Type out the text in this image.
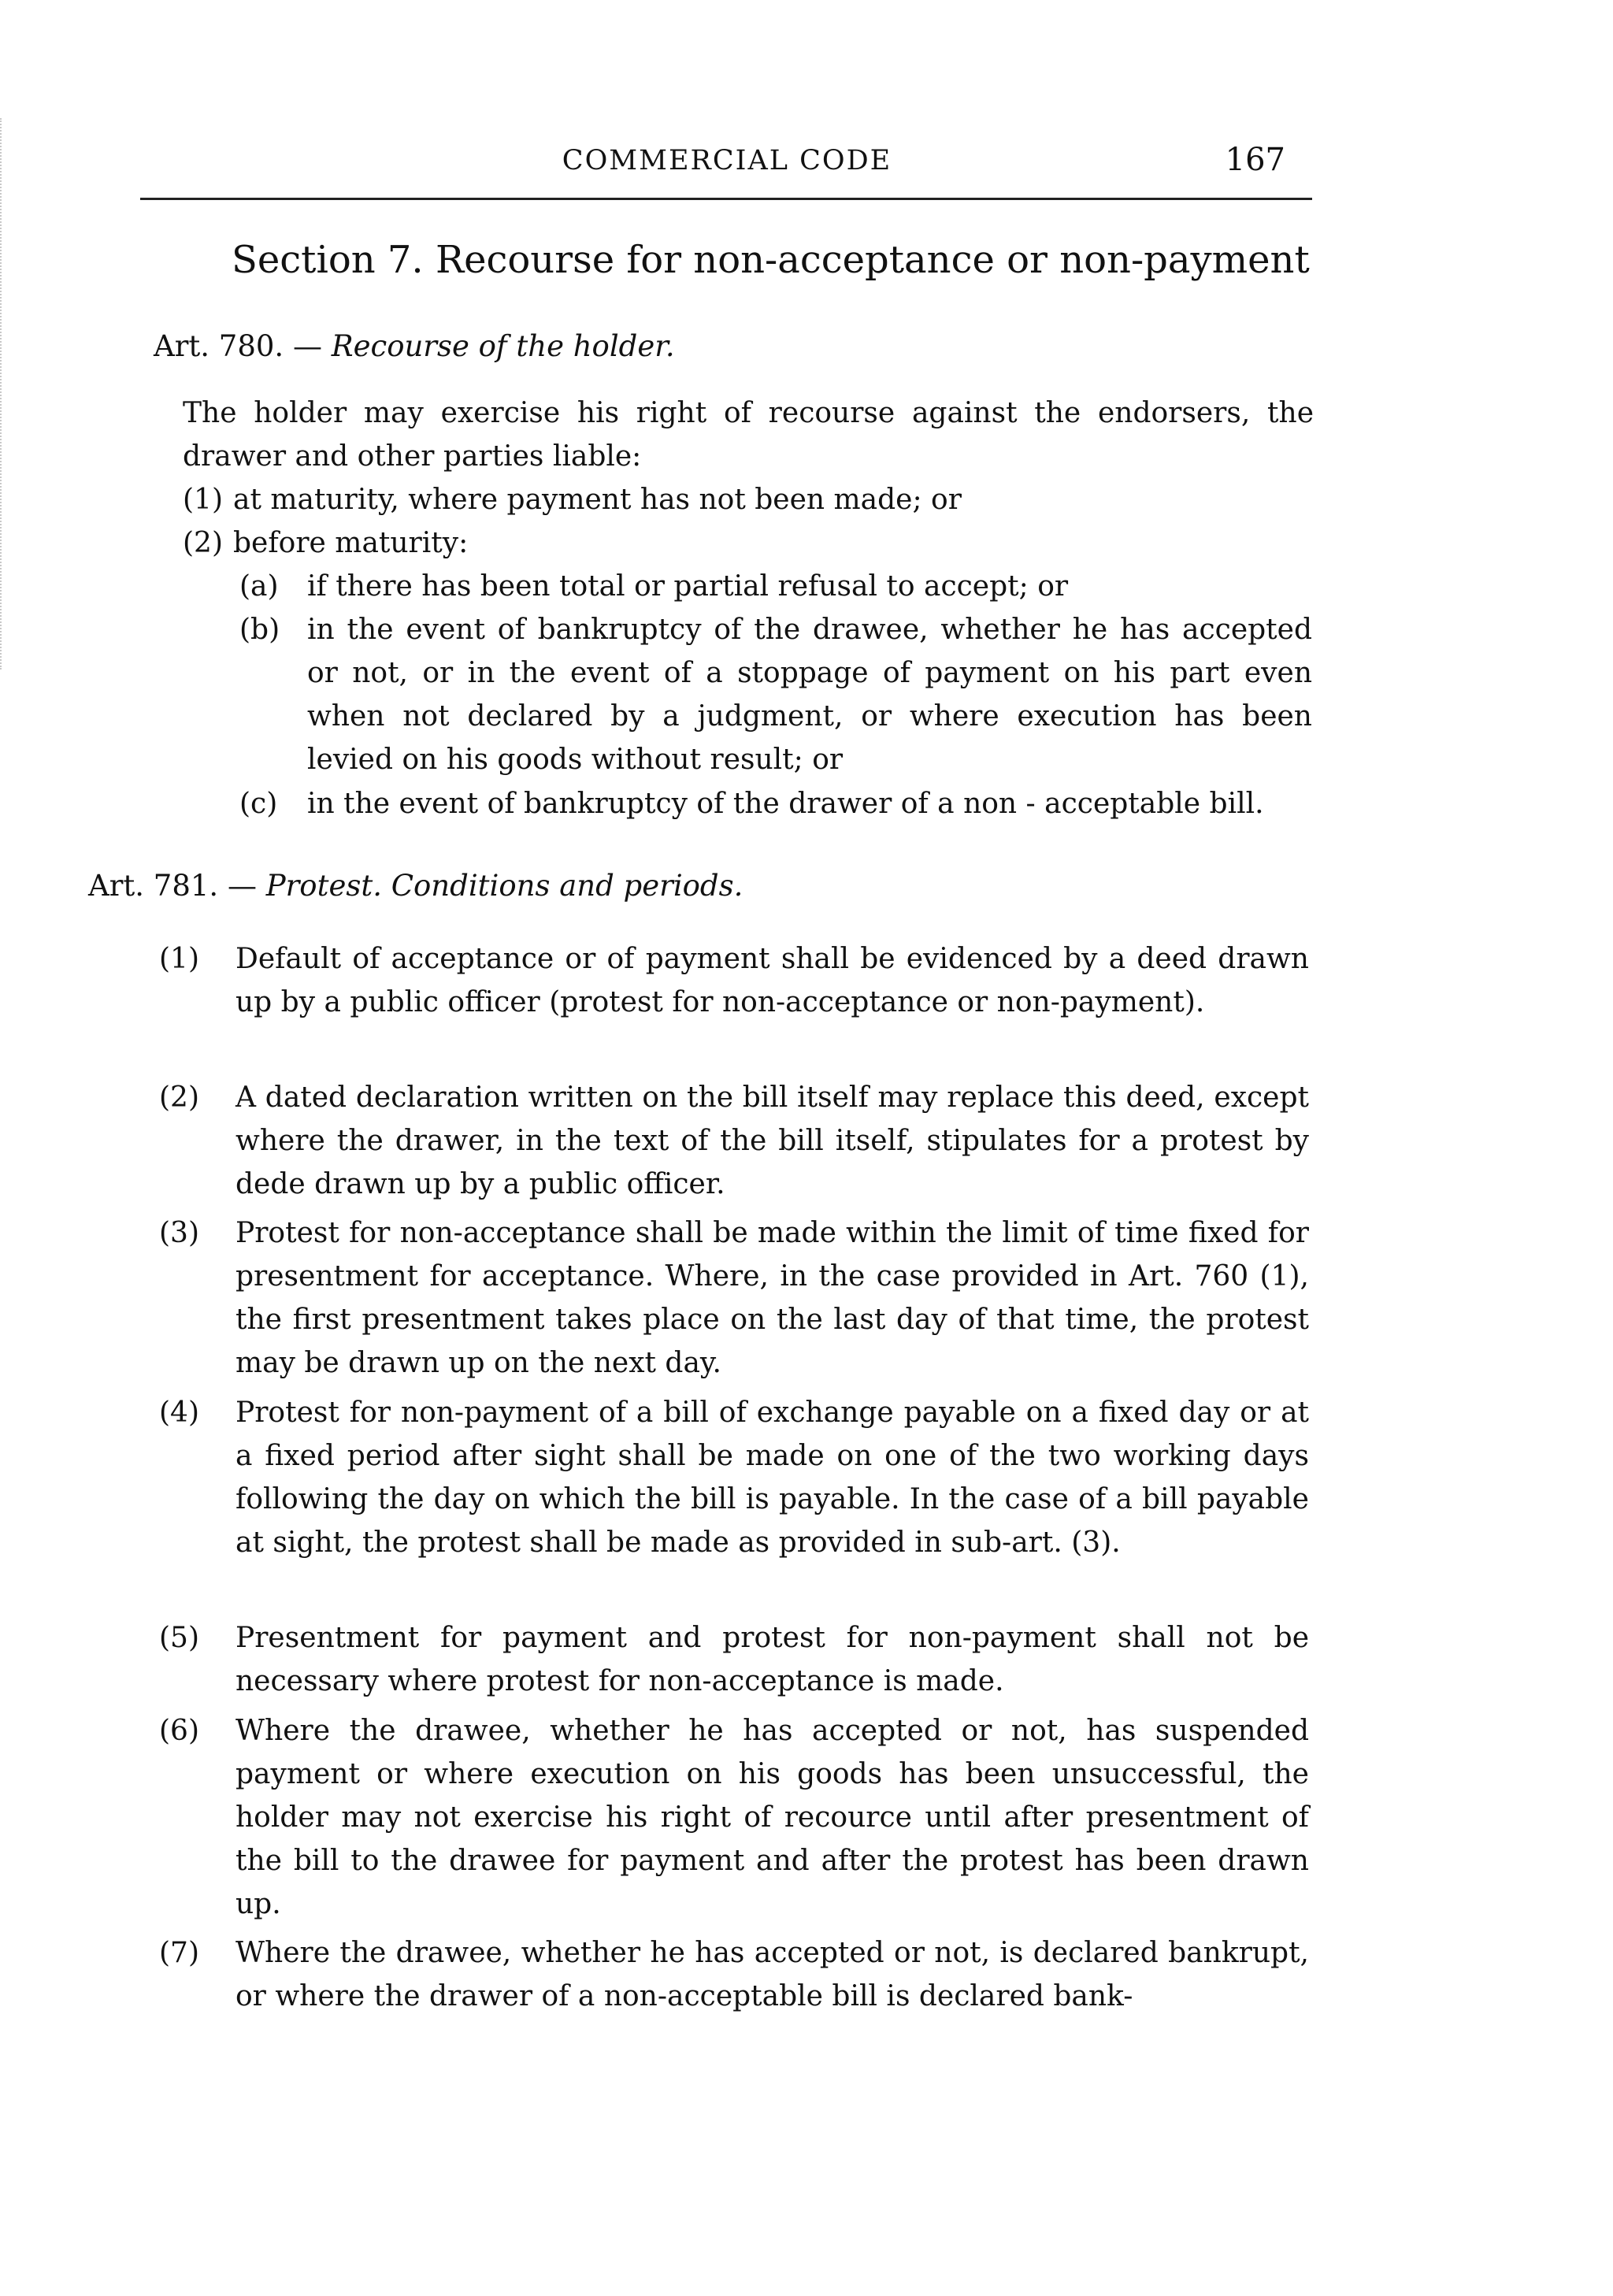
COMMERCIAL CODE	167
Section 7. Recourse for non-acceptance or non-payment
Art. 780. — Recourse of the holder.

The holder may exercise his right of recourse against the endorsers, the drawer and other parties liable:

(1) at maturity, where payment has not been made; or
(2) before maturity:
(a)	if there has been total or partial refusal to accept; or
(b) in the event of bankruptcy of the drawee, whether he has accepted or not, or in the event of a stoppage of payment on his part even when not declared by a judgment, or where execution has been levied on his goods without result; or
(c)	in the event of bankruptcy of the drawer of a non - acceptable bill.
Art. 781. — Protest. Conditions and periods.
(1)	Default of acceptance or of payment shall be evidenced by a deed drawn up by a public officer (protest for non-acceptance or non-payment).
(2)	A dated declaration written on the bill itself may replace this deed, except where the drawer, in the text of the bill itself, stipulates for a protest by dede drawn up by a public officer.
(3)	Protest for non-acceptance shall be made within the limit of time fixed for presentment for acceptance. Where, in the case provided in Art. 760 (1), the first presentment takes place on the last day of that time, the protest may be drawn up on the next day.
(4)	Protest for non-payment of a bill of exchange payable on a fixed day or at a fixed period after sight shall be made on one of the two working days following the day on which the bill is payable. In the case of a bill payable at sight, the protest shall be made as provided in sub-art. (3).
(5)	Presentment for payment and protest for non-payment shall not be necessary where protest for non-acceptance is made.
(6)	Where the drawee, whether he has accepted or not, has suspended payment or where execution on his goods has been unsuccessful, the holder may not exercise his right of recource until after presentment of the bill to the drawee for payment and after the protest has been drawn up.
(7)	Where the drawee, whether he has accepted or not, is declared bankrupt, or where the drawer of a non-acceptable bill is declared bank-
